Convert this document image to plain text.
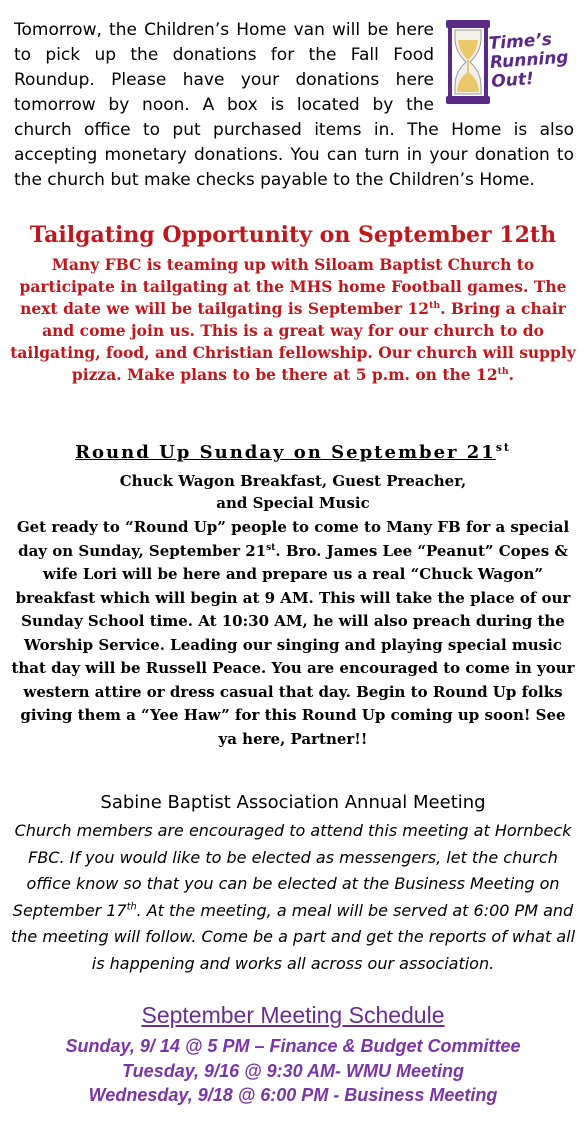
Time’s
Running
Out!
Tomorrow, the Children’s Home van will be here to pick up the donations for the Fall Food Roundup. Please have your donations here tomorrow by noon. A box is located by the church office to put purchased items in. The Home is also accepting monetary donations. You can turn in your donation to the church but make checks payable to the Children’s Home.
Tailgating Opportunity on September 12th
Many FBC is teaming up with Siloam Baptist Church to participate in tailgating at the MHS home Football games. The next date we will be tailgating is September 12th. Bring a chair and come join us. This is a great way for our church to do tailgating, food, and Christian fellowship. Our church will supply pizza. Make plans to be there at 5 p.m. on the 12th.
Round Up Sunday on September 21st
Chuck Wagon Breakfast, Guest Preacher,
and Special Music
Get ready to “Round Up” people to come to Many FB for a special day on Sunday, September 21st. Bro. James Lee “Peanut” Copes & wife Lori will be here and prepare us a real “Chuck Wagon” breakfast which will begin at 9 AM. This will take the place of our Sunday School time. At 10:30 AM, he will also preach during the Worship Service. Leading our singing and playing special music that day will be Russell Peace. You are encouraged to come in your western attire or dress casual that day. Begin to Round Up folks giving them a “Yee Haw” for this Round Up coming up soon! See ya here, Partner!!
Sabine Baptist Association Annual Meeting
Church members are encouraged to attend this meeting at Hornbeck FBC. If you would like to be elected as messengers, let the church office know so that you can be elected at the Business Meeting on September 17th. At the meeting, a meal will be served at 6:00 PM and the meeting will follow. Come be a part and get the reports of what all is happening and works all across our association.
September Meeting Schedule
Sunday, 9/ 14 @ 5 PM – Finance & Budget Committee
Tuesday, 9/16 @ 9:30 AM- WMU Meeting
Wednesday, 9/18 @ 6:00 PM - Business Meeting
